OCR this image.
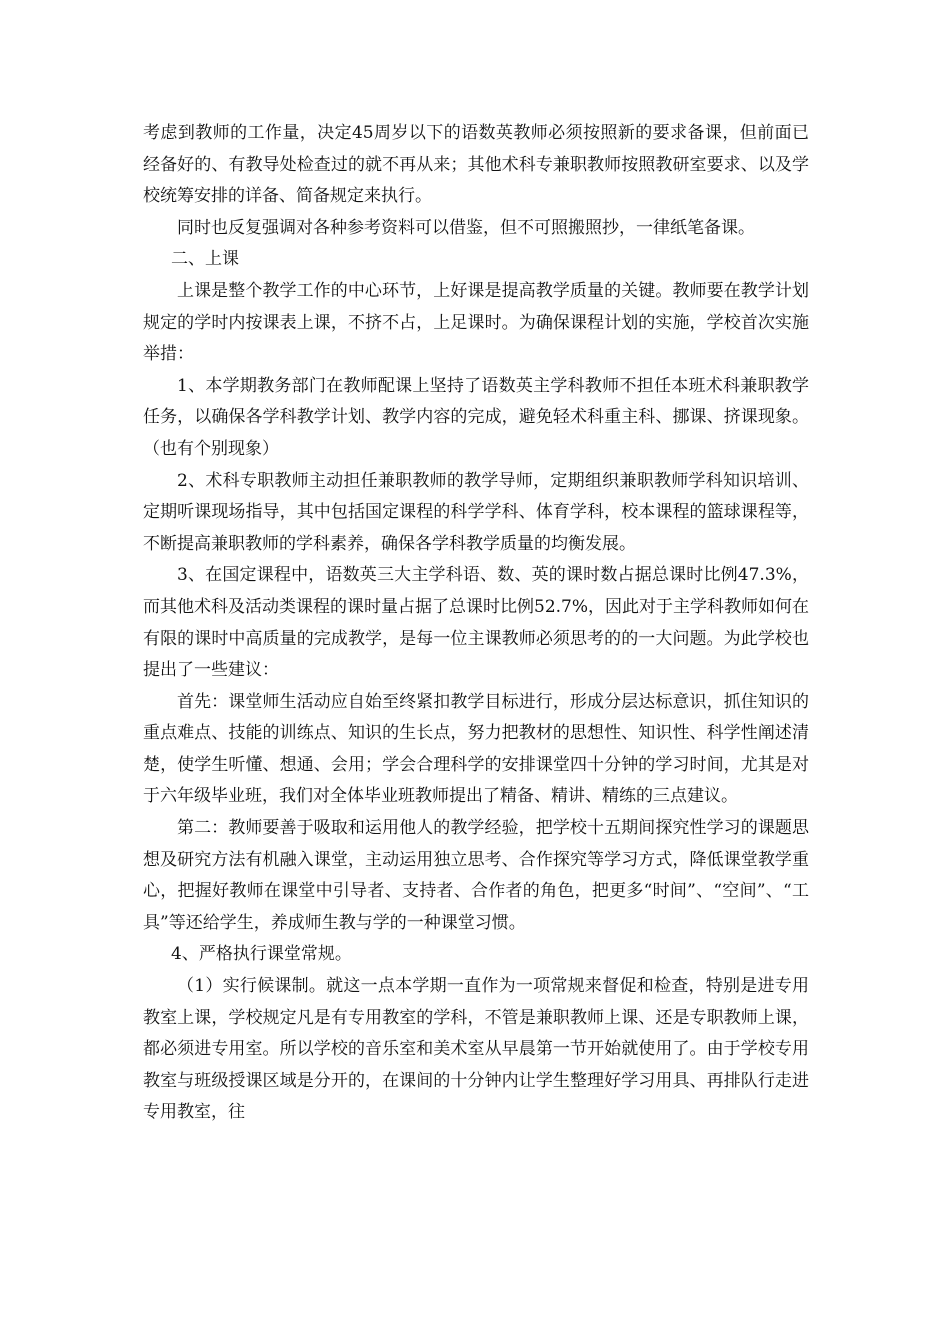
考虑到教师的工作量，决定45周岁以下的语数英教师必须按照新的要求备课，但前面已经备好的、有教导处检查过的就不再从来；其他术科专兼职教师按照教研室要求、以及学校统筹安排的详备、简备规定来执行。

同时也反复强调对各种参考资料可以借鉴，但不可照搬照抄，一律纸笔备课。

二、上课

上课是整个教学工作的中心环节，上好课是提高教学质量的关键。教师要在教学计划规定的学时内按课表上课，不挤不占，上足课时。为确保课程计划的实施，学校首次实施举措：

1、本学期教务部门在教师配课上坚持了语数英主学科教师不担任本班术科兼职教学任务，以确保各学科教学计划、教学内容的完成，避免轻术科重主科、挪课、挤课现象。（也有个别现象）

2、术科专职教师主动担任兼职教师的教学导师，定期组织兼职教师学科知识培训、定期听课现场指导，其中包括国定课程的科学学科、体育学科，校本课程的篮球课程等，不断提高兼职教师的学科素养，确保各学科教学质量的均衡发展。

3、在国定课程中，语数英三大主学科语、数、英的课时数占据总课时比例47.3%，而其他术科及活动类课程的课时量占据了总课时比例52.7%，因此对于主学科教师如何在有限的课时中高质量的完成教学，是每一位主课教师必须思考的的一大问题。为此学校也提出了一些建议：

首先：课堂师生活动应自始至终紧扣教学目标进行，形成分层达标意识，抓住知识的重点难点、技能的训练点、知识的生长点，努力把教材的思想性、知识性、科学性阐述清楚，使学生听懂、想通、会用；学会合理科学的安排课堂四十分钟的学习时间，尤其是对于六年级毕业班，我们对全体毕业班教师提出了精备、精讲、精练的三点建议。

第二：教师要善于吸取和运用他人的教学经验，把学校十五期间探究性学习的课题思想及研究方法有机融入课堂，主动运用独立思考、合作探究等学习方式，降低课堂教学重心，把握好教师在课堂中引导者、支持者、合作者的角色，把更多“时间”、“空间”、“工具”等还给学生，养成师生教与学的一种课堂习惯。

4、严格执行课堂常规。

（1）实行候课制。就这一点本学期一直作为一项常规来督促和检查，特别是进专用教室上课，学校规定凡是有专用教室的学科，不管是兼职教师上课、还是专职教师上课，都必须进专用室。所以学校的音乐室和美术室从早晨第一节开始就使用了。由于学校专用教室与班级授课区域是分开的，在课间的十分钟内让学生整理好学习用具、再排队行走进专用教室，往
